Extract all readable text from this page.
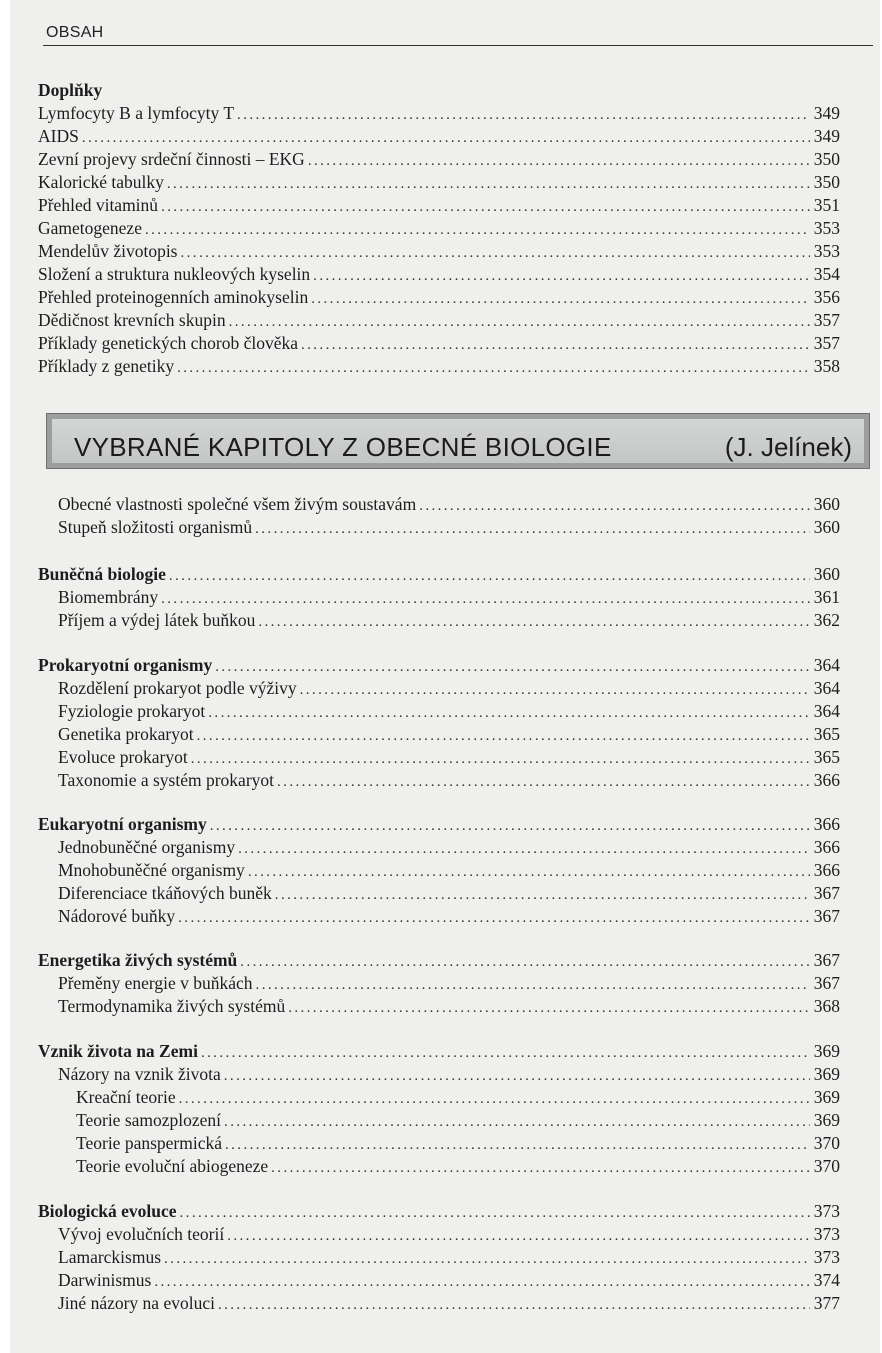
OBSAH
Doplňky
Lymfocyty B a lymfocyty T .....	349
AIDS .....	349
Zevní projevy srdeční činnosti – EKG .....	350
Kalorické tabulky .....	350
Přehled vitaminů .....	351
Gametogeneze .....	353
Mendelův životopis .....	353
Složení a struktura nukleových kyselin .....	354
Přehled proteinogenních aminokyselin .....	356
Dědičnost krevních skupin .....	357
Příklady genetických chorob člověka .....	357
Příklady z genetiky .....	358
VYBRANÉ KAPITOLY Z OBECNÉ BIOLOGIE	(J. Jelínek)
Obecné vlastnosti společné všem živým soustavám .....	360
Stupeň složitosti organismů .....	360
Buněčná biologie .....	360
Biomembrány .....	361
Příjem a výdej látek buňkou .....	362
Prokaryotní organismy .....	364
Rozdělení prokaryot podle výživy .....	364
Fyziologie prokaryot .....	364
Genetika prokaryot .....	365
Evoluce prokaryot .....	365
Taxonomie a systém prokaryot .....	366
Eukaryotní organismy .....	366
Jednobuněčné organismy .....	366
Mnohobuněčné organismy .....	366
Diferenciace tkáňových buněk .....	367
Nádorové buňky .....	367
Energetika živých systémů .....	367
Přeměny energie v buňkách .....	367
Termodynamika živých systémů .....	368
Vznik života na Zemi .....	369
Názory na vznik života .....	369
Kreační teorie .....	369
Teorie samozplození .....	369
Teorie panspermická .....	370
Teorie evoluční abiogeneze .....	370
Biologická evoluce .....	373
Vývoj evolučních teorií .....	373
Lamarckismus .....	373
Darwinismus .....	374
Jiné názory na evoluci .....	377
